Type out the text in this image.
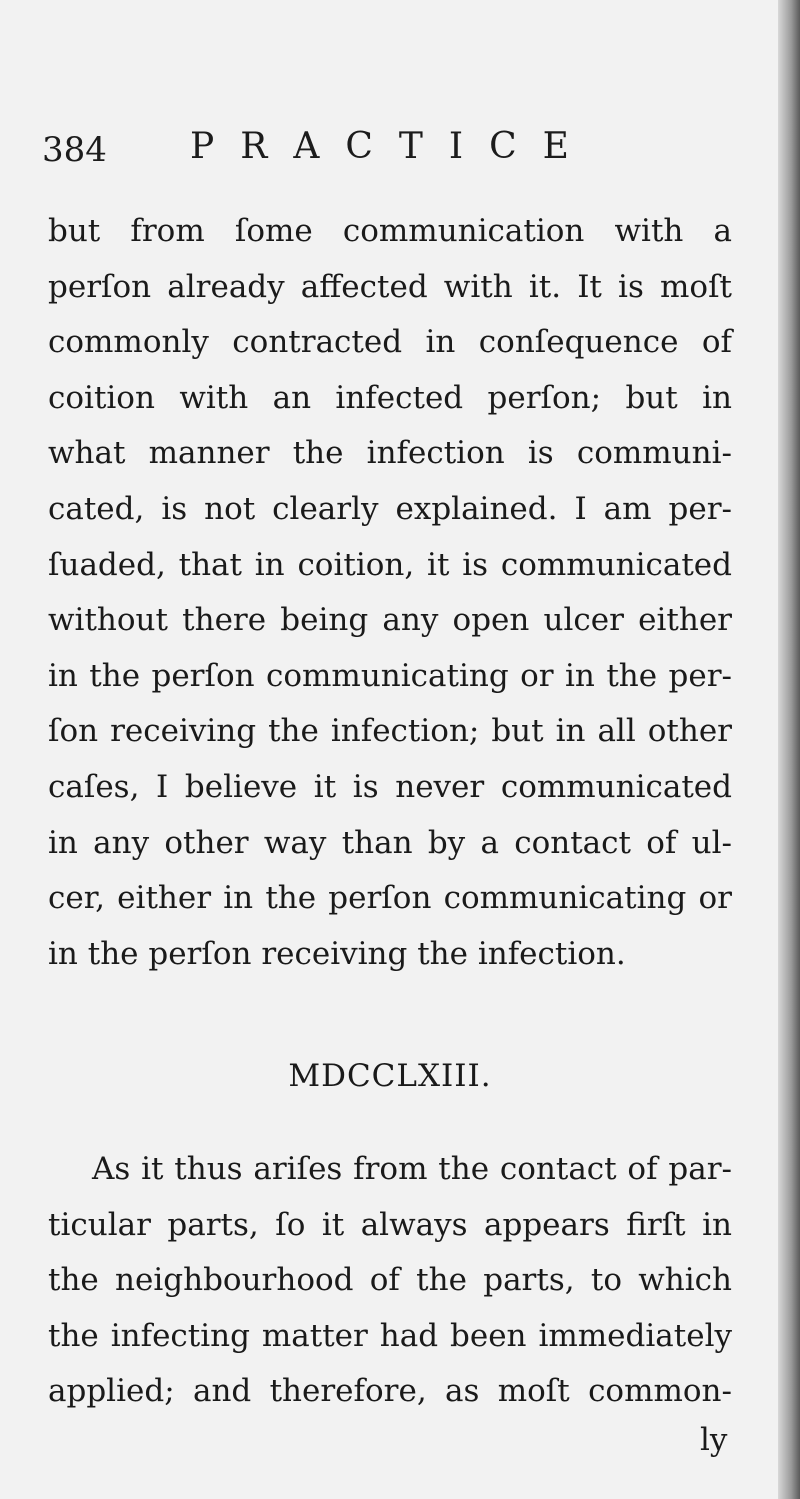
384 PRACTICE
but from ſome communication with a
perſon already affected with it. It is moſt
commonly contracted in conſequence of
coition with an infected perſon; but in
what manner the infection is communi-
cated, is not clearly explained. I am per-
ſuaded, that in coition, it is communicated
without there being any open ulcer either
in the perſon communicating or in the per-
ſon receiving the infection; but in all other
caſes, I believe it is never communicated
in any other way than by a contact of ul-
cer, either in the perſon communicating or
in the perſon receiving the infection.
MDCCLXIII.
As it thus ariſes from the contact of par-
ticular parts, ſo it always appears firſt in
the neighbourhood of the parts, to which
the infecting matter had been immediately
applied; and therefore, as moſt common-
ly
